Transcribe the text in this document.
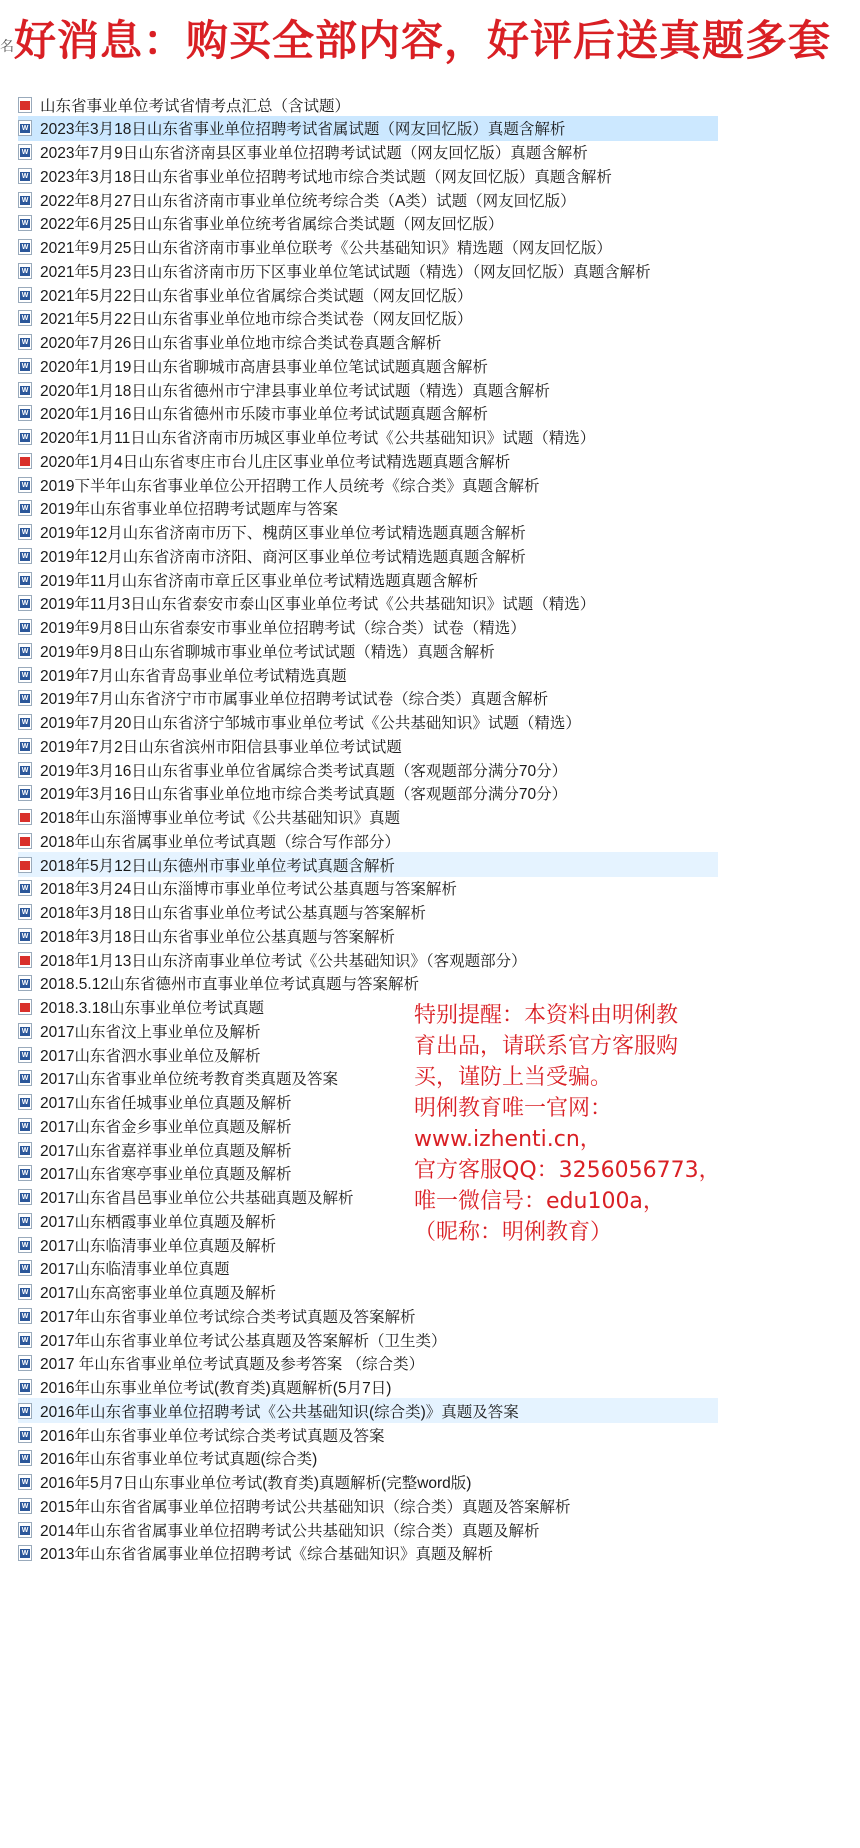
好消息：购买全部内容，好评后送真题多套
名
山东省事业单位考试省情考点汇总（含试题）
W
2023年3月18日山东省事业单位招聘考试省属试题（网友回忆版）真题含解析
W
2023年7月9日山东省济南县区事业单位招聘考试试题（网友回忆版）真题含解析
W
2023年3月18日山东省事业单位招聘考试地市综合类试题（网友回忆版）真题含解析
W
2022年8月27日山东省济南市事业单位统考综合类（A类）试题（网友回忆版）
W
2022年6月25日山东省事业单位统考省属综合类试题（网友回忆版）
W
2021年9月25日山东省济南市事业单位联考《公共基础知识》精选题（网友回忆版）
W
2021年5月23日山东省济南市历下区事业单位笔试试题（精选）（网友回忆版）真题含解析
W
2021年5月22日山东省事业单位省属综合类试题（网友回忆版）
W
2021年5月22日山东省事业单位地市综合类试卷（网友回忆版）
W
2020年7月26日山东省事业单位地市综合类试卷真题含解析
W
2020年1月19日山东省聊城市高唐县事业单位笔试试题真题含解析
W
2020年1月18日山东省德州市宁津县事业单位考试试题（精选）真题含解析
W
2020年1月16日山东省德州市乐陵市事业单位考试试题真题含解析
W
2020年1月11日山东省济南市历城区事业单位考试《公共基础知识》试题（精选）
2020年1月4日山东省枣庄市台儿庄区事业单位考试精选题真题含解析
W
2019下半年山东省事业单位公开招聘工作人员统考《综合类》真题含解析
W
2019年山东省事业单位招聘考试题库与答案
W
2019年12月山东省济南市历下、槐荫区事业单位考试精选题真题含解析
W
2019年12月山东省济南市济阳、商河区事业单位考试精选题真题含解析
W
2019年11月山东省济南市章丘区事业单位考试精选题真题含解析
W
2019年11月3日山东省泰安市泰山区事业单位考试《公共基础知识》试题（精选）
W
2019年9月8日山东省泰安市事业单位招聘考试（综合类）试卷（精选）
W
2019年9月8日山东省聊城市事业单位考试试题（精选）真题含解析
W
2019年7月山东省青岛事业单位考试精选真题
W
2019年7月山东省济宁市市属事业单位招聘考试试卷（综合类）真题含解析
W
2019年7月20日山东省济宁邹城市事业单位考试《公共基础知识》试题（精选）
W
2019年7月2日山东省滨州市阳信县事业单位考试试题
W
2019年3月16日山东省事业单位省属综合类考试真题（客观题部分满分70分）
W
2019年3月16日山东省事业单位地市综合类考试真题（客观题部分满分70分）
2018年山东淄博事业单位考试《公共基础知识》真题
2018年山东省属事业单位考试真题（综合写作部分）
2018年5月12日山东德州市事业单位考试真题含解析
W
2018年3月24日山东淄博市事业单位考试公基真题与答案解析
W
2018年3月18日山东省事业单位考试公基真题与答案解析
W
2018年3月18日山东省事业单位公基真题与答案解析
2018年1月13日山东济南事业单位考试《公共基础知识》（客观题部分）
W
2018.5.12山东省德州市直事业单位考试真题与答案解析
2018.3.18山东事业单位考试真题
W
2017山东省汶上事业单位及解析
W
2017山东省泗水事业单位及解析
W
2017山东省事业单位统考教育类真题及答案
W
2017山东省任城事业单位真题及解析
W
2017山东省金乡事业单位真题及解析
W
2017山东省嘉祥事业单位真题及解析
W
2017山东省寒亭事业单位真题及解析
W
2017山东省昌邑事业单位公共基础真题及解析
W
2017山东栖霞事业单位真题及解析
W
2017山东临清事业单位真题及解析
W
2017山东临清事业单位真题
W
2017山东高密事业单位真题及解析
W
2017年山东省事业单位考试综合类考试真题及答案解析
W
2017年山东省事业单位考试公基真题及答案解析（卫生类）
W
2017 年山东省事业单位考试真题及参考答案 （综合类）
W
2016年山东事业单位考试(教育类)真题解析(5月7日)
W
2016年山东省事业单位招聘考试《公共基础知识(综合类)》真题及答案
W
2016年山东省事业单位考试综合类考试真题及答案
W
2016年山东省事业单位考试真题(综合类)
W
2016年5月7日山东事业单位考试(教育类)真题解析(完整word版)
W
2015年山东省省属事业单位招聘考试公共基础知识（综合类）真题及答案解析
W
2014年山东省省属事业单位招聘考试公共基础知识（综合类）真题及解析
W
2013年山东省省属事业单位招聘考试《综合基础知识》真题及解析
特别提醒：本资料由明俐教
育出品，请联系官方客服购
买，谨防上当受骗。
明俐教育唯一官网：
www.izhenti.cn，
官方客服QQ：3256056773，
唯一微信号：edu100a，
（昵称：明俐教育）
